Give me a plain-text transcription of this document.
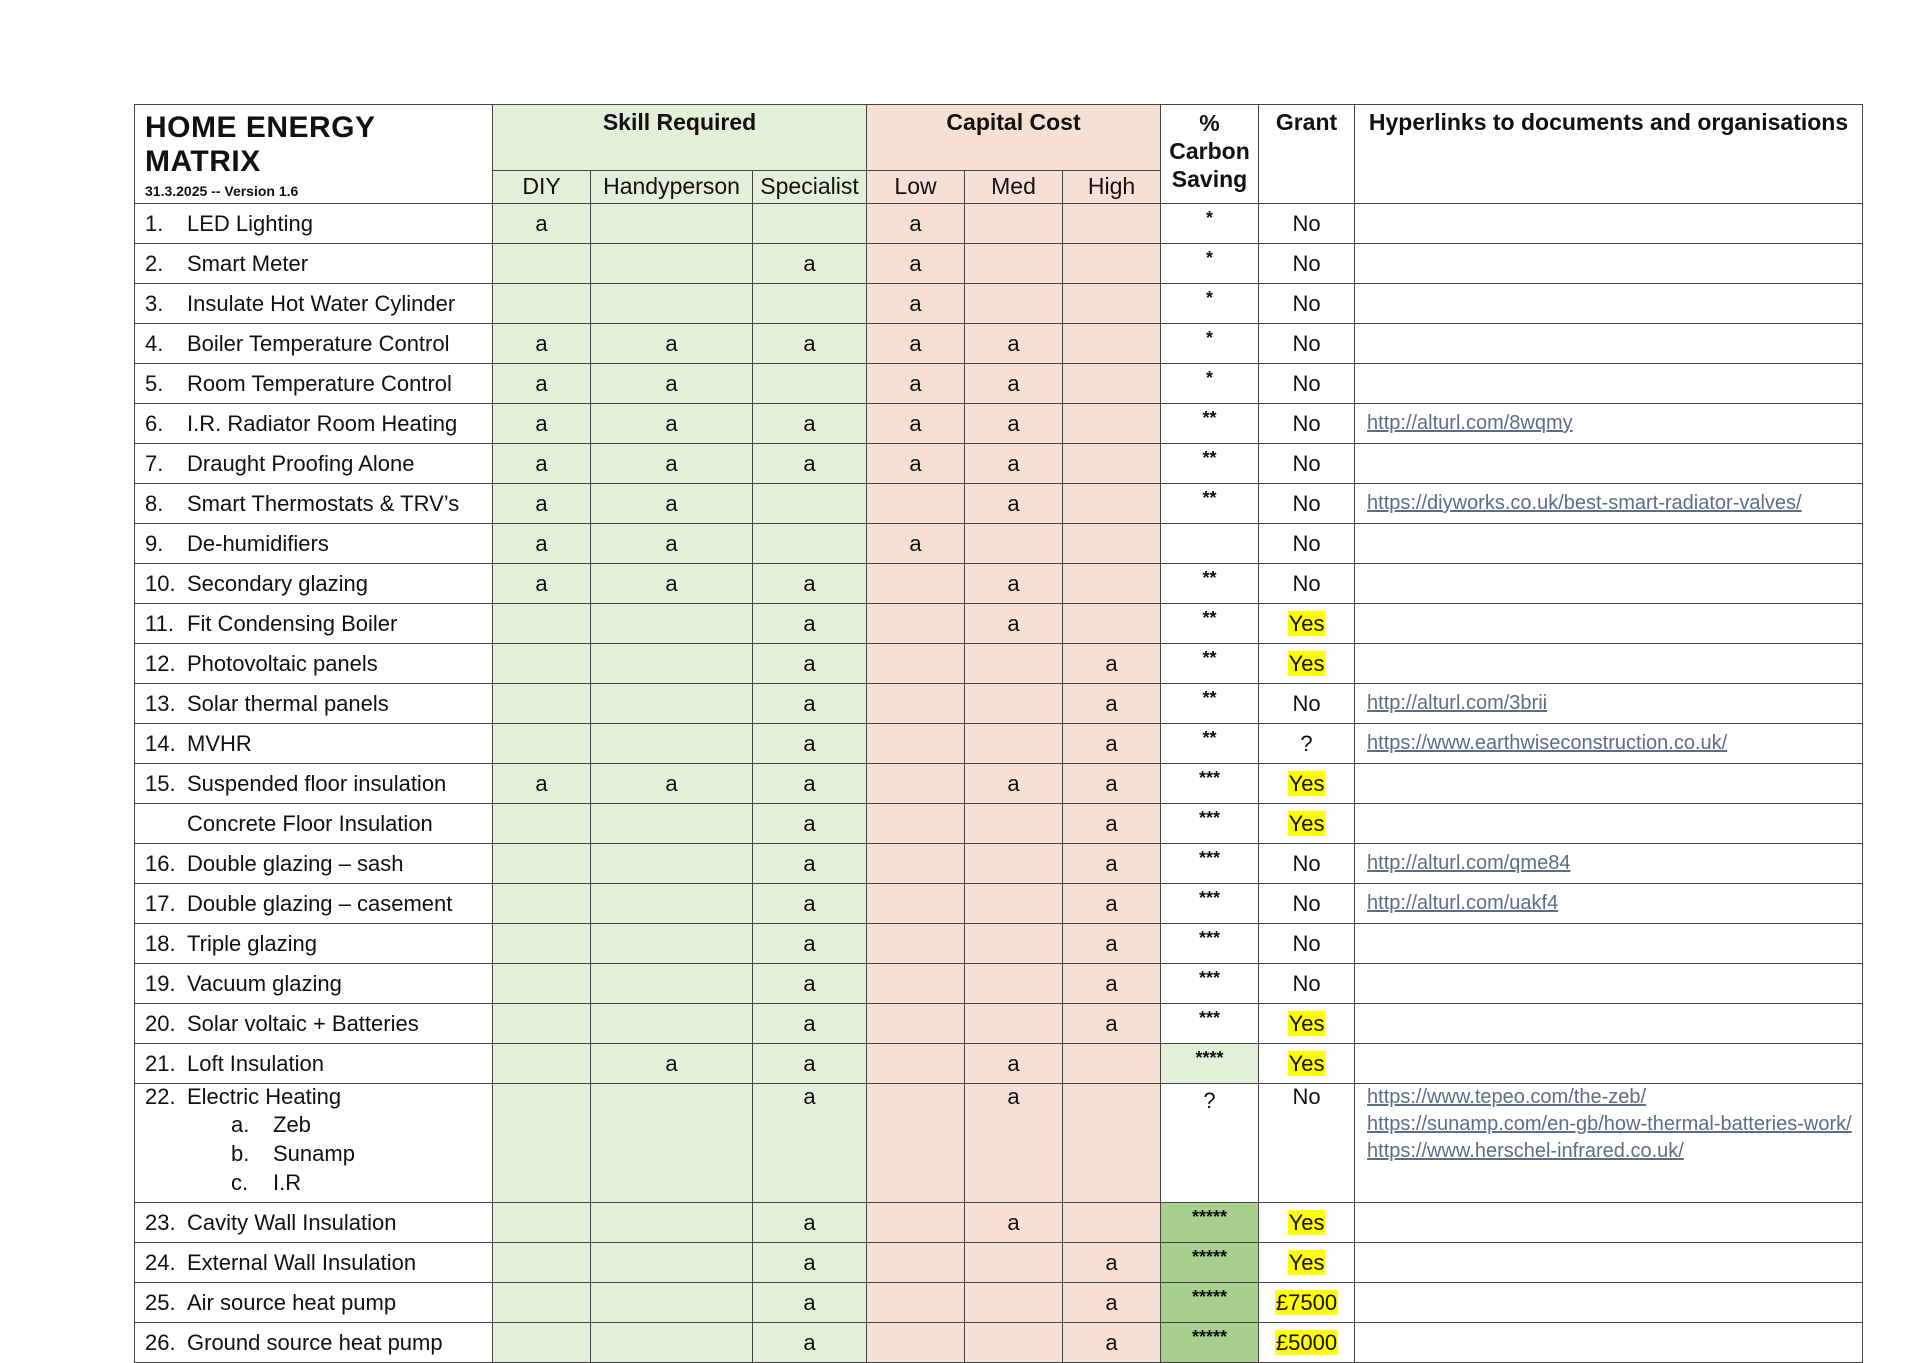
HOME ENERGY MATRIX
31.3.2025 -- Version 1.6	Skill Required			Capital Cost			% Carbon Saving	Grant	Hyperlinks to documents and organisations
	DIY	Handyperson	Specialist	Low	Med	High			
1. LED Lighting	a			a			*	No	
2. Smart Meter			a	a			*	No	
3. Insulate Hot Water Cylinder				a			*	No	
4. Boiler Temperature Control	a	a	a	a	a		*	No	
5. Room Temperature Control	a	a		a	a		*	No	
6. I.R. Radiator Room Heating	a	a	a	a	a		**	No	http://alturl.com/8wqmy

7. Draught Proofing Alone	a	a	a	a	a		**	No	
8. Smart Thermostats & TRV’s	a	a			a		**	No	https://diyworks.co.uk/best-smart-radiator-valves/

9. De-humidifiers	a	a		a				No	
10. Secondary glazing	a	a	a		a		**	No	
11. Fit Condensing Boiler			a		a		**	Yes	
12. Photovoltaic panels			a			a	**	Yes	
13. Solar thermal panels			a			a	**	No	http://alturl.com/3brii

14. MVHR			a			a	**	?	https://www.earthwiseconstruction.co.uk/

15. Suspended floor insulation	a	a	a		a	a	***	Yes	
Concrete Floor Insulation			a			a	***	Yes	
16. Double glazing – sash			a			a	***	No	http://alturl.com/qme84

17. Double glazing – casement			a			a	***	No	http://alturl.com/uakf4

18. Triple glazing			a			a	***	No	
19. Vacuum glazing			a			a	***	No	
20. Solar voltaic + Batteries			a			a	***	Yes	
21. Loft Insulation		a	a		a		****	Yes	
22. Electric Heating
a. Zeb
b. Sunamp
c. I.R			a		a		?	No	https://www.tepeo.com/the-zeb/
https://sunamp.com/en-gb/how-thermal-batteries-work/
https://www.herschel-infrared.co.uk/

23. Cavity Wall Insulation			a		a		*****	Yes	
24. External Wall Insulation			a			a	*****	Yes	
25. Air source heat pump			a			a	*****	£7500	
26. Ground source heat pump			a			a	*****	£5000	
